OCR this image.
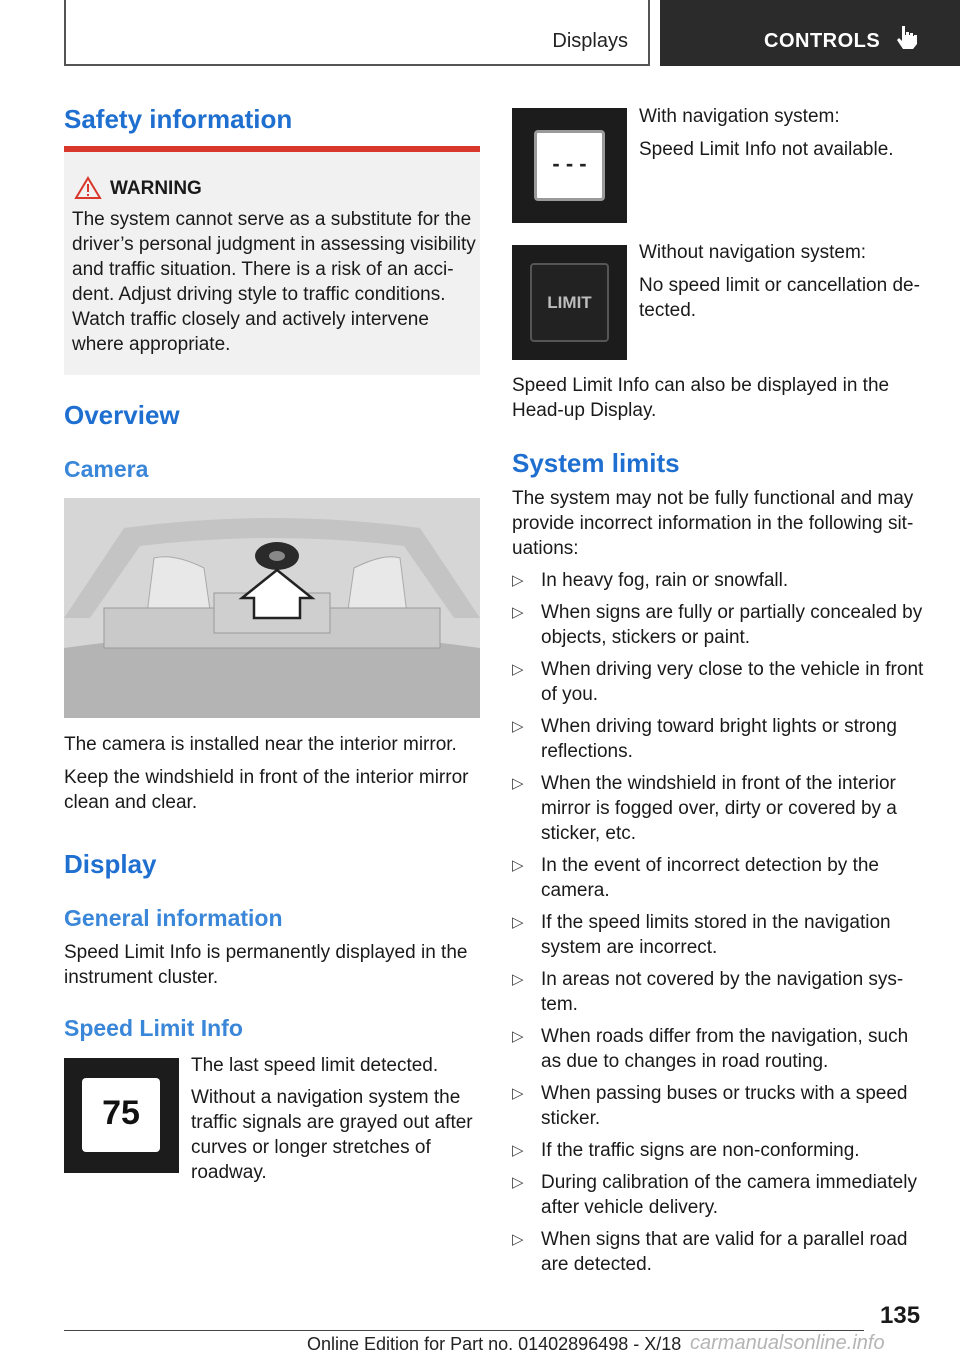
Displays	CONTROLS
Safety information
WARNING
The system cannot serve as a substitute for the driver’s personal judgment in assessing visibility and traffic situation. There is a risk of an acci-dent. Adjust driving style to traffic conditions. Watch traffic closely and actively intervene where appropriate.
Overview
Camera

The camera is installed near the interior mirror.

Keep the windshield in front of the interior mirror clean and clear.

Display
General information

Speed Limit Info is permanently displayed in the instrument cluster.

Speed Limit Info
75

The last speed limit detected.

Without a navigation system the traffic signals are grayed out after curves or longer stretches of roadway.

- - -

With navigation system:

Speed Limit Info not available.

LIMIT

Without navigation system:

No speed limit or cancellation de-tected.

Speed Limit Info can also be displayed in the Head-up Display.

System limits

The system may not be fully functional and may provide incorrect information in the following sit-uations:

▷ In heavy fog, rain or snowfall.
▷ When signs are fully or partially concealed by objects, stickers or paint.
▷ When driving very close to the vehicle in front of you.
▷ When driving toward bright lights or strong reflections.
▷ When the windshield in front of the interior mirror is fogged over, dirty or covered by a sticker, etc.
▷ In the event of incorrect detection by the camera.
▷ If the speed limits stored in the navigation system are incorrect.
▷ In areas not covered by the navigation sys-tem.
▷ When roads differ from the navigation, such as due to changes in road routing.
▷ When passing buses or trucks with a speed sticker.
▷ If the traffic signs are non-conforming.
▷ During calibration of the camera immediately after vehicle delivery.
▷ When signs that are valid for a parallel road are detected.
135
Online Edition for Part no. 01402896498 - X/18 carmanualsonline.info
